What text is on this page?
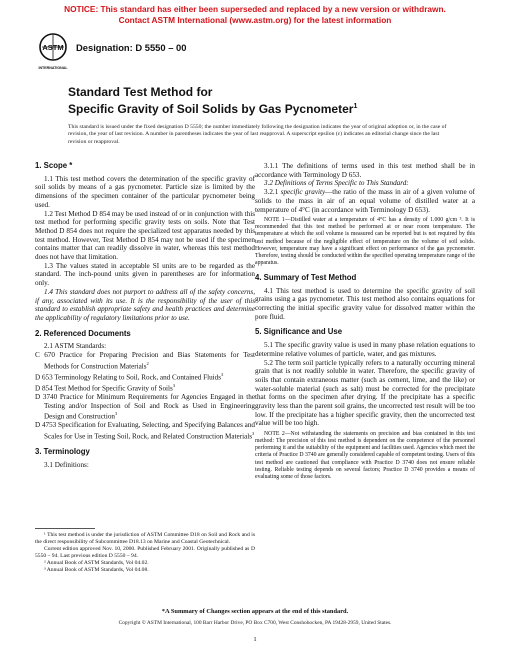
NOTICE: This standard has either been superseded and replaced by a new version or withdrawn.
Contact ASTM International (www.astm.org) for the latest information
ASTM
INTERNATIONAL
Designation: D 5550 – 00
Standard Test Method for
Specific Gravity of Soil Solids by Gas Pycnometer$^1$
This standard is issued under the fixed designation D 5550; the number immediately following the designation indicates the year of original adoption or, in the case of revision, the year of last revision. A number in parentheses indicates the year of last reapproval. A superscript epsilon (ε) indicates an editorial change since the last revision or reapproval.
1. Scope *

1.1 This test method covers the determination of the specific gravity of soil solids by means of a gas pycnometer. Particle size is limited by the dimensions of the specimen container of the particular pycnometer being used.

1.2 Test Method D 854 may be used instead of or in conjunction with this test method for performing specific gravity tests on soils. Note that Test Method D 854 does not require the specialized test apparatus needed by this test method. However, Test Method D 854 may not be used if the specimen contains matter that can readily dissolve in water, whereas this test method does not have that limitation.

1.3 The values stated in acceptable SI units are to be regarded as the standard. The inch-pound units given in parentheses are for information only.

1.4 This standard does not purport to address all of the safety concerns, if any, associated with its use. It is the responsibility of the user of this standard to establish appropriate safety and health practices and determine the applicability of regulatory limitations prior to use.

2. Referenced Documents

2.1 ASTM Standards:

C 670 Practice for Preparing Precision and Bias Statements for Test Methods for Construction Materials$^2$

D 653 Terminology Relating to Soil, Rock, and Contained Fluids$^3$

D 854 Test Method for Specific Gravity of Soils$^3$

D 3740 Practice for Minimum Requirements for Agencies Engaged in the Testing and/or Inspection of Soil and Rock as Used in Engineering Design and Construction$^3$

D 4753 Specification for Evaluating, Selecting, and Specifying Balances and Scales for Use in Testing Soil, Rock, and Related Construction Materials$^3$

3. Terminology

3.1 Definitions:

3.1.1 The definitions of terms used in this test method shall be in accordance with Terminology D 653.

3.2 Definitions of Terms Specific to This Standard:

3.2.1 specific gravity—the ratio of the mass in air of a given volume of solids to the mass in air of an equal volume of distilled water at a temperature of 4°C (in accordance with Terminology D 653).

NOTE 1—Distilled water at a temperature of 4°C has a density of 1.000 g/cm ³. It is recommended that this test method be performed at or near room temperature. The temperature at which the soil volume is measured can be reported but is not required by this test method because of the negligible effect of temperature on the volume of soil solids. However, temperature may have a significant effect on performance of the gas pycnometer. Therefore, testing should be conducted within the specified operating temperature range of the apparatus.

4. Summary of Test Method

4.1 This test method is used to determine the specific gravity of soil grains using a gas pycnometer. This test method also contains equations for correcting the initial specific gravity value for dissolved matter within the pore fluid.

5. Significance and Use

5.1 The specific gravity value is used in many phase relation equations to determine relative volumes of particle, water, and gas mixtures.

5.2 The term soil particle typically refers to a naturally occurring mineral grain that is not readily soluble in water. Therefore, the specific gravity of soils that contain extraneous matter (such as cement, lime, and the like) or water-soluble material (such as salt) must be corrected for the precipitate that forms on the specimen after drying. If the precipitate has a specific gravity less than the parent soil grains, the uncorrected test result will be too low. If the precipitate has a higher specific gravity, then the uncorrected test value will be too high.

NOTE 2—Not withstanding the statements on precision and bias contained in this test method: The precision of this test method is dependent on the competence of the personnel performing it and the suitability of the equipment and facilities used. Agencies which meet the criteria of Practice D 3740 are generally considered capable of competent testing. Users of this test method are cautioned that compliance with Practice D 3740 does not ensure reliable testing. Reliable testing depends on several factors; Practice D 3740 provides a means of evaluating some of those factors.

¹ This test method is under the jurisdiction of ASTM Committee D18 on Soil and Rock and is the direct responsibility of Subcommittee D18.13 on Marine and Coastal Geotechnical.

Current edition approved Nov. 10, 2000. Published February 2001. Originally published as D 5550 – 94. Last previous edition D 5550 – 94.

² Annual Book of ASTM Standards, Vol 04.02.

³ Annual Book of ASTM Standards, Vol 04.08.

*A Summary of Changes section appears at the end of this standard.
Copyright © ASTM International, 100 Barr Harbor Drive, PO Box C700, West Conshohocken, PA 19428-2959, United States.
1
